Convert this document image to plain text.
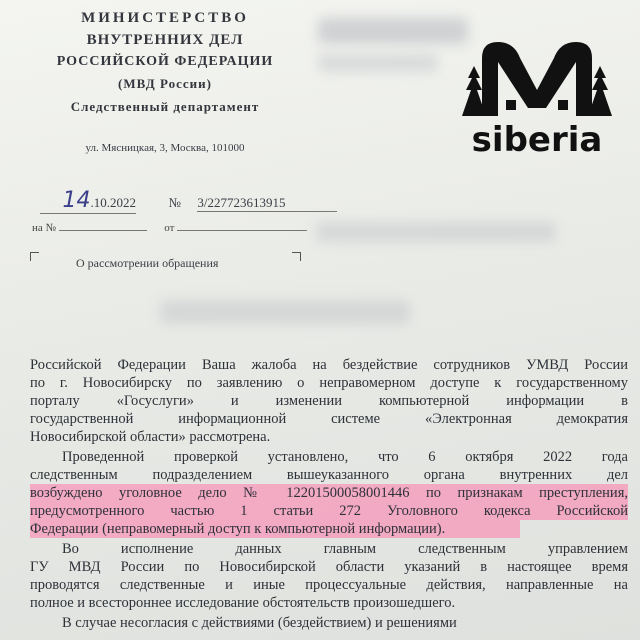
МИНИСТЕРСТВО
ВНУТРЕННИХ ДЕЛ
РОССИЙСКОЙ ФЕДЕРАЦИИ
(МВД России)
Следственный департамент
ул. Мясницкая, 3, Москва, 101000	siberia
14.10.2022	№ 3/227723613915
на №	от
О рассмотрении обращения
Российской Федерации Ваша жалоба на бездействие сотрудников УМВД России
по г. Новосибирску по заявлению о неправомерном доступе к государственному
порталу «Госуслуги» и изменении компьютерной информации в
государственной информационной системе «Электронная демократия
Новосибирской области» рассмотрена.
Проведенной проверкой установлено, что 6 октября 2022 года
следственным подразделением вышеуказанного органа внутренних дел
возбуждено уголовное дело № 12201500058001446 по признакам преступления,
предусмотренного частью 1 статьи 272 Уголовного кодекса Российской
Федерации (неправомерный доступ к компьютерной информации).
Во исполнение данных главным следственным управлением
ГУ МВД России по Новосибирской области указаний в настоящее время
проводятся следственные и иные процессуальные действия, направленные на
полное и всестороннее исследование обстоятельств произошедшего.
В случае несогласия с действиями (бездействием) и решениями
